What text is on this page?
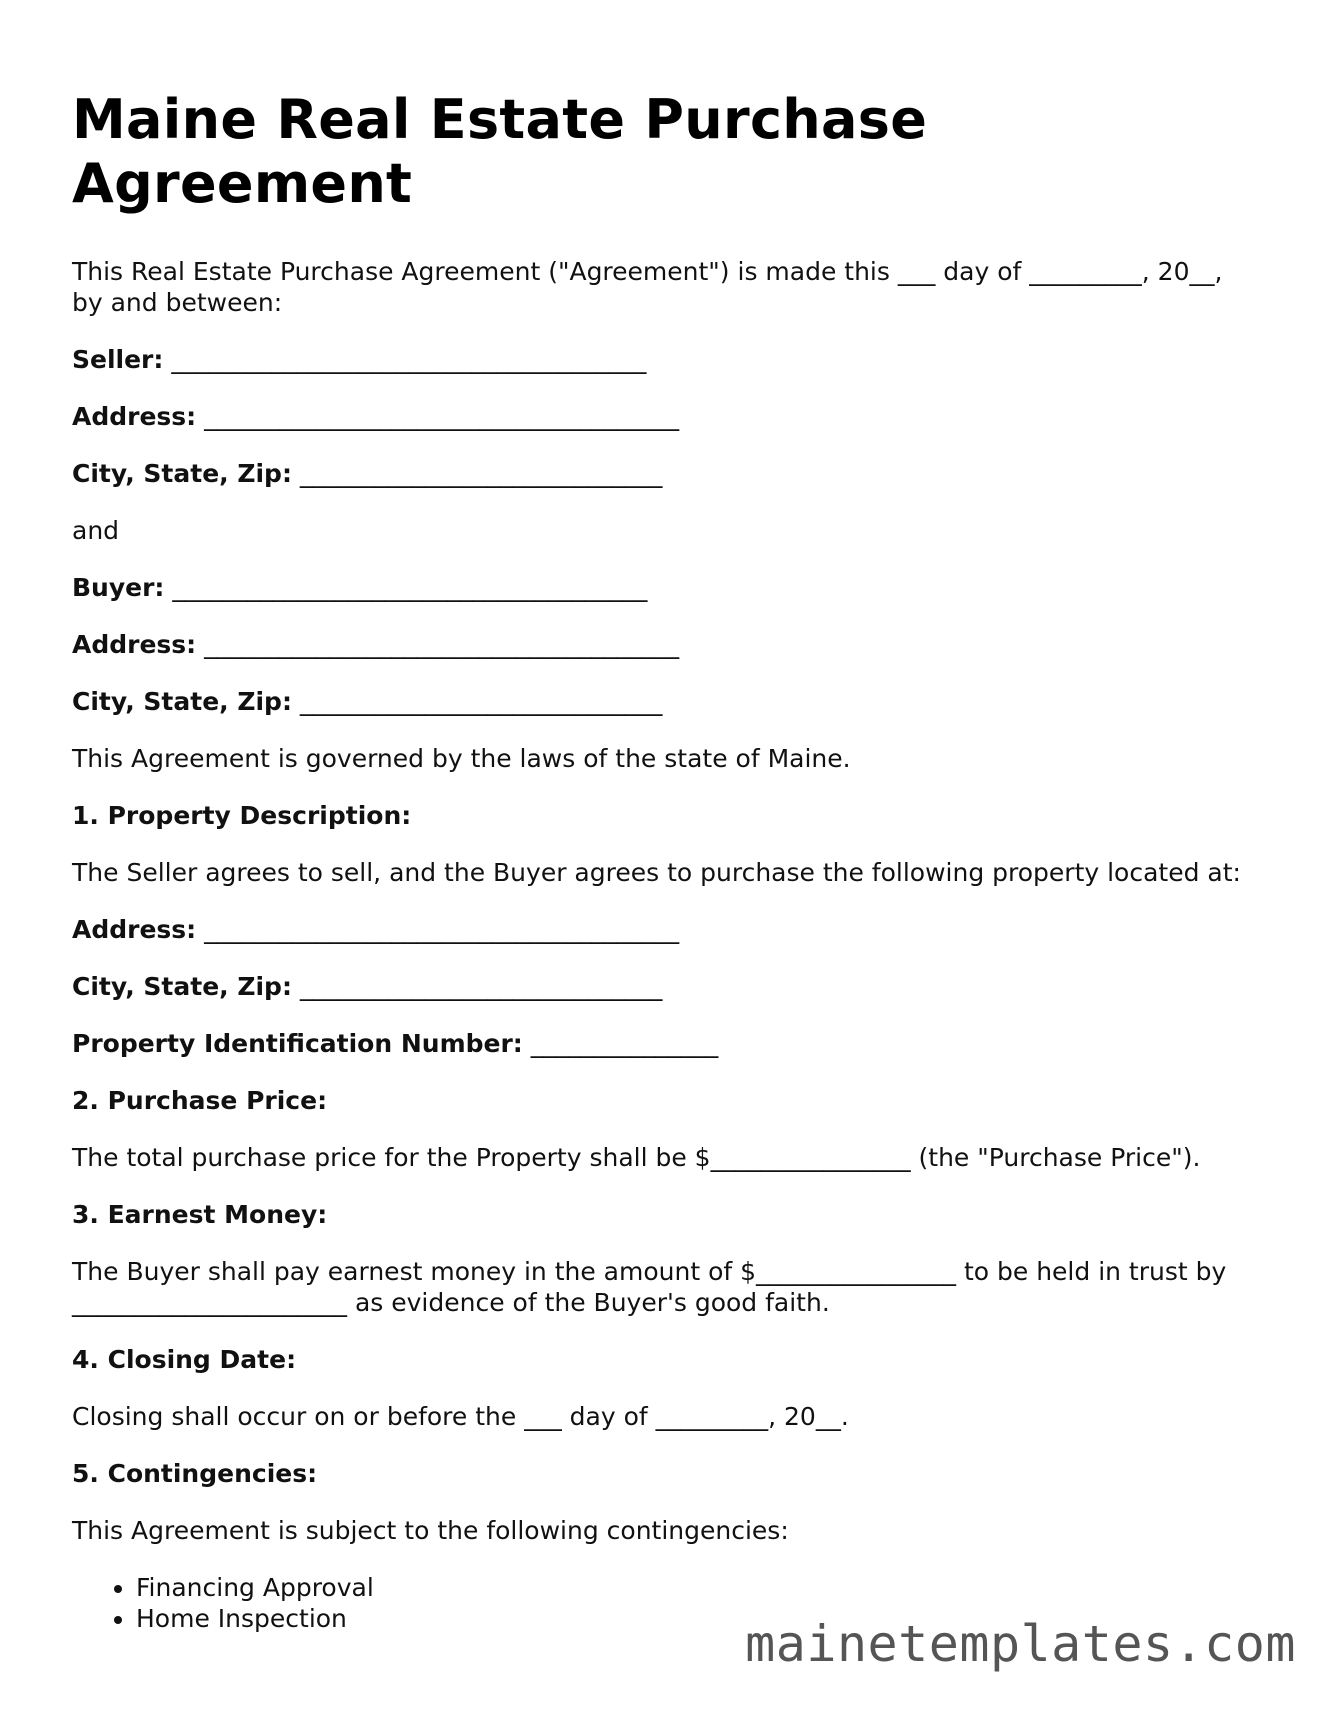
Maine Real Estate Purchase Agreement

This Real Estate Purchase Agreement ("Agreement") is made this ___ day of _________, 20__, by and between:

Seller: ______________________________________
Address: ______________________________________
City, State, Zip: _____________________________

and

Buyer: ______________________________________
Address: ______________________________________
City, State, Zip: _____________________________

This Agreement is governed by the laws of the state of Maine.

1. Property Description:

The Seller agrees to sell, and the Buyer agrees to purchase the following property located at:

Address: ______________________________________
City, State, Zip: _____________________________
Property Identification Number: _______________
2. Purchase Price:

The total purchase price for the Property shall be $________________ (the "Purchase Price").

3. Earnest Money:

The Buyer shall pay earnest money in the amount of $________________ to be held in trust by ______________________ as evidence of the Buyer's good faith.

4. Closing Date:

Closing shall occur on or before the ___ day of _________, 20__.

5. Contingencies:

This Agreement is subject to the following contingencies:

• Financing Approval
• Home Inspection	mainetemplates.com
